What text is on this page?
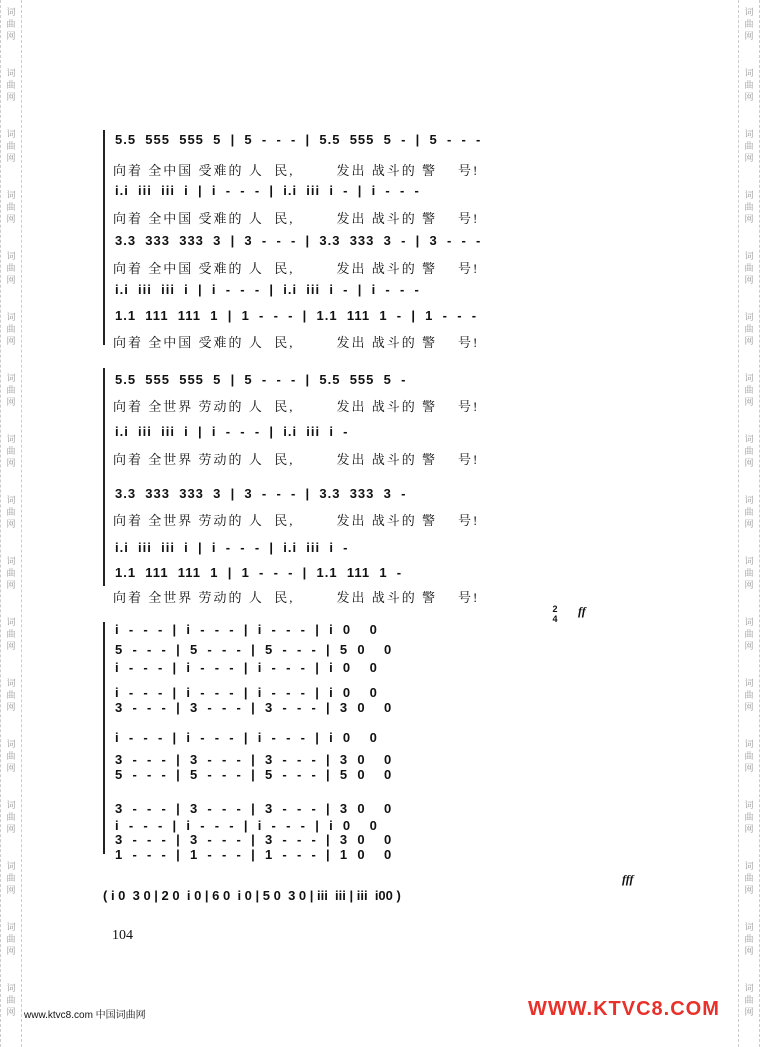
词
曲
网
词
曲
网
词
曲
网
词
曲
网
词
曲
网
词
曲
网
词
曲
网
词
曲
网
词
曲
网
词
曲
网
词
曲
网
词
曲
网
词
曲
网
词
曲
网
词
曲
网
词
曲
网
词
曲
网
词
曲
网
词
曲
网
词
曲
网
词
曲
网
词
曲
网
词
曲
网
词
曲
网
词
曲
网
词
曲
网
词
曲
网
词
曲
网
词
曲
网
词
曲
网
词
曲
网
词
曲
网
词
曲
网
词
曲
网
5.5  555  555  5  |  5  -  -  -  |  5.5  555  5  -  |  5  -  -  -
向着 全中国 受难的 人  民,        发出 战斗的 警    号!
i.i  iii  iii  i  |  i  -  -  -  |  i.i  iii  i  -  |  i  -  -  -
向着 全中国 受难的 人  民,        发出 战斗的 警    号!
3.3  333  333  3  |  3  -  -  -  |  3.3  333  3  -  |  3  -  -  -
向着 全中国 受难的 人  民,        发出 战斗的 警    号!
i.i  iii  iii  i  |  i  -  -  -  |  i.i  iii  i  -  |  i  -  -  -
1.1  111  111  1  |  1  -  -  -  |  1.1  111  1  -  |  1  -  -  -
向着 全中国 受难的 人  民,        发出 战斗的 警    号!
5.5  555  555  5  |  5  -  -  -  |  5.5  555  5  -
向着 全世界 劳动的 人  民,        发出 战斗的 警    号!
i.i  iii  iii  i  |  i  -  -  -  |  i.i  iii  i  -
向着 全世界 劳动的 人  民,        发出 战斗的 警    号!
3.3  333  333  3  |  3  -  -  -  |  3.3  333  3  -
向着 全世界 劳动的 人  民,        发出 战斗的 警    号!
i.i  iii  iii  i  |  i  -  -  -  |  i.i  iii  i  -
1.1  111  111  1  |  1  -  -  -  |  1.1  111  1  -
向着 全世界 劳动的 人  民,        发出 战斗的 警    号!
ff
2
4
i  -  -  -  |  i  -  -  -  |  i  -  -  -  |  i  0    0
5  -  -  -  |  5  -  -  -  |  5  -  -  -  |  5  0    0
i  -  -  -  |  i  -  -  -  |  i  -  -  -  |  i  0    0
i  -  -  -  |  i  -  -  -  |  i  -  -  -  |  i  0    0
3  -  -  -  |  3  -  -  -  |  3  -  -  -  |  3  0    0
i  -  -  -  |  i  -  -  -  |  i  -  -  -  |  i  0    0
3  -  -  -  |  3  -  -  -  |  3  -  -  -  |  3  0    0
5  -  -  -  |  5  -  -  -  |  5  -  -  -  |  5  0    0
3  -  -  -  |  3  -  -  -  |  3  -  -  -  |  3  0    0
i  -  -  -  |  i  -  -  -  |  i  -  -  -  |  i  0    0
3  -  -  -  |  3  -  -  -  |  3  -  -  -  |  3  0    0
1  -  -  -  |  1  -  -  -  |  1  -  -  -  |  1  0    0
fff
( i 0  3 0 | 2 0  i 0 | 6 0  i 0 | 5 0  3 0 | iii  iii | iii  i00 )
104
www.ktvc8.com 中国词曲网	WWW.KTVC8.COM
